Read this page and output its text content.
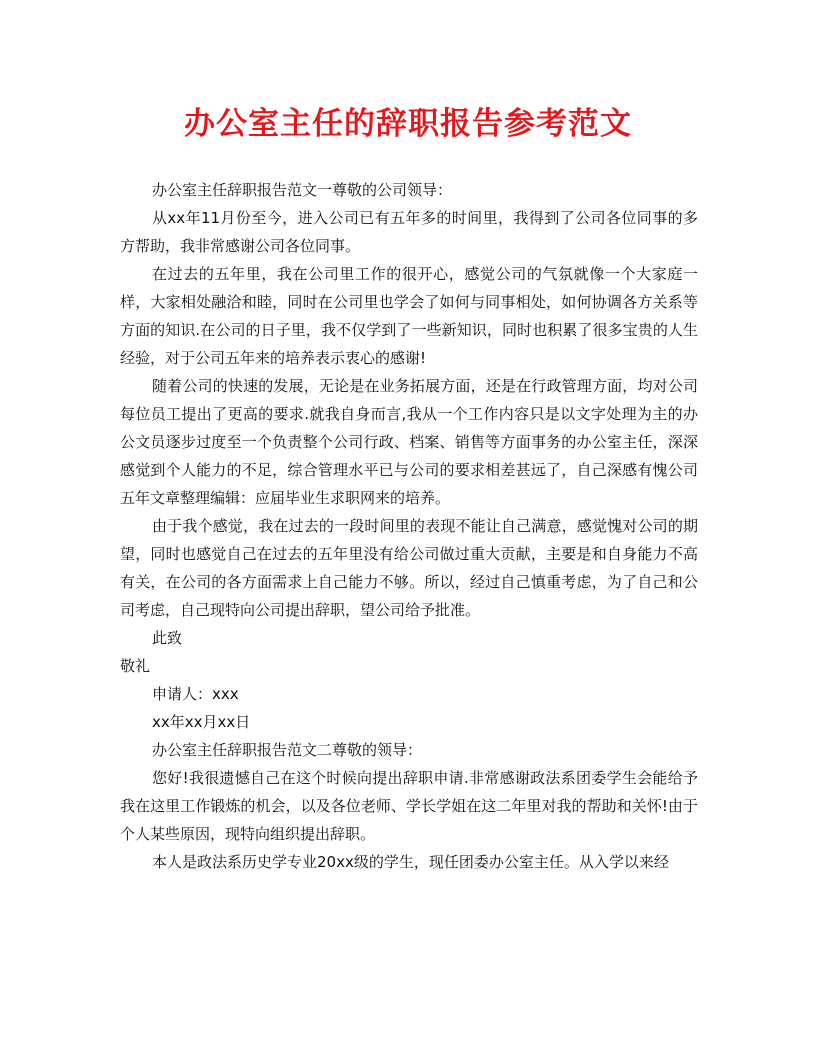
办公室主任的辞职报告参考范文

办公室主任辞职报告范文一尊敬的公司领导：

从xx年11月份至今，进入公司已有五年多的时间里，我得到了公司各位同事的多方帮助，我非常感谢公司各位同事。

在过去的五年里，我在公司里工作的很开心，感觉公司的气氛就像一个大家庭一样，大家相处融洽和睦，同时在公司里也学会了如何与同事相处，如何协调各方关系等方面的知识.在公司的日子里，我不仅学到了一些新知识，同时也积累了很多宝贵的人生经验，对于公司五年来的培养表示衷心的感谢!

随着公司的快速的发展，无论是在业务拓展方面，还是在行政管理方面，均对公司每位员工提出了更高的要求.就我自身而言,我从一个工作内容只是以文字处理为主的办公文员逐步过度至一个负责整个公司行政、档案、销售等方面事务的办公室主任，深深感觉到个人能力的不足，综合管理水平已与公司的要求相差甚远了，自己深感有愧公司五年文章整理编辑：应届毕业生求职网来的培养。

由于我个感觉，我在过去的一段时间里的表现不能让自己满意，感觉愧对公司的期望，同时也感觉自己在过去的五年里没有给公司做过重大贡献，主要是和自身能力不高有关，在公司的各方面需求上自己能力不够。所以，经过自己慎重考虑，为了自己和公司考虑，自己现特向公司提出辞职，望公司给予批准。

此致

敬礼

申请人：xxx

xx年xx月xx日

办公室主任辞职报告范文二尊敬的领导：

您好!我很遗憾自己在这个时候向提出辞职申请.非常感谢政法系团委学生会能给予我在这里工作锻炼的机会，以及各位老师、学长学姐在这二年里对我的帮助和关怀!由于个人某些原因，现特向组织提出辞职。

本人是政法系历史学专业20xx级的学生，现任团委办公室主任。从入学以来经
